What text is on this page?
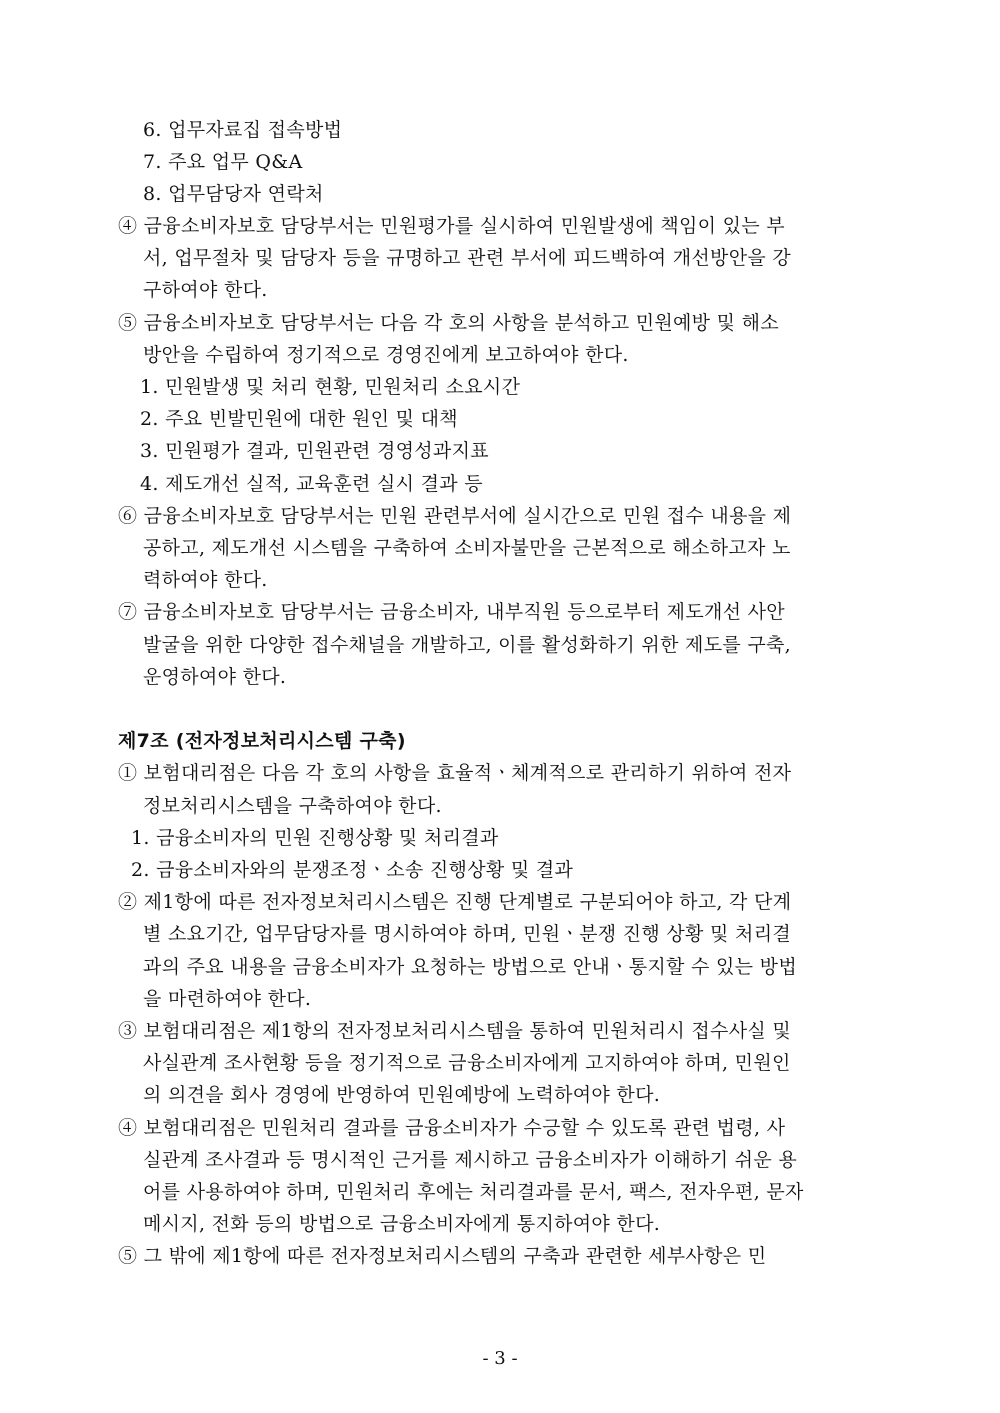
6. 업무자료집 접속방법
7. 주요 업무 Q&A
8. 업무담당자 연락처
④ 금융소비자보호 담당부서는 민원평가를 실시하여 민원발생에 책임이 있는 부
서, 업무절차 및 담당자 등을 규명하고 관련 부서에 피드백하여 개선방안을 강
구하여야 한다.
⑤ 금융소비자보호 담당부서는 다음 각 호의 사항을 분석하고 민원예방 및 해소
방안을 수립하여 정기적으로 경영진에게 보고하여야 한다.
1. 민원발생 및 처리 현황, 민원처리 소요시간
2. 주요 빈발민원에 대한 원인 및 대책
3. 민원평가 결과, 민원관련 경영성과지표
4. 제도개선 실적, 교육훈련 실시 결과 등
⑥ 금융소비자보호 담당부서는 민원 관련부서에 실시간으로 민원 접수 내용을 제
공하고, 제도개선 시스템을 구축하여 소비자불만을 근본적으로 해소하고자 노
력하여야 한다.
⑦ 금융소비자보호 담당부서는 금융소비자, 내부직원 등으로부터 제도개선 사안
발굴을 위한 다양한 접수채널을 개발하고, 이를 활성화하기 위한 제도를 구축,
운영하여야 한다.
제7조 (전자정보처리시스템 구축)
① 보험대리점은 다음 각 호의 사항을 효율적ㆍ체계적으로 관리하기 위하여 전자
정보처리시스템을 구축하여야 한다.
1. 금융소비자의 민원 진행상황 및 처리결과
2. 금융소비자와의 분쟁조정ㆍ소송 진행상황 및 결과
② 제1항에 따른 전자정보처리시스템은 진행 단계별로 구분되어야 하고, 각 단계
별 소요기간, 업무담당자를 명시하여야 하며, 민원ㆍ분쟁 진행 상황 및 처리결
과의 주요 내용을 금융소비자가 요청하는 방법으로 안내ㆍ통지할 수 있는 방법
을 마련하여야 한다.
③ 보험대리점은 제1항의 전자정보처리시스템을 통하여 민원처리시 접수사실 및
사실관계 조사현황 등을 정기적으로 금융소비자에게 고지하여야 하며, 민원인
의 의견을 회사 경영에 반영하여 민원예방에 노력하여야 한다.
④ 보험대리점은 민원처리 결과를 금융소비자가 수긍할 수 있도록 관련 법령, 사
실관계 조사결과 등 명시적인 근거를 제시하고 금융소비자가 이해하기 쉬운 용
어를 사용하여야 하며, 민원처리 후에는 처리결과를 문서, 팩스, 전자우편, 문자
메시지, 전화 등의 방법으로 금융소비자에게 통지하여야 한다.
⑤ 그 밖에 제1항에 따른 전자정보처리시스템의 구축과 관련한 세부사항은 민
- 3 -
